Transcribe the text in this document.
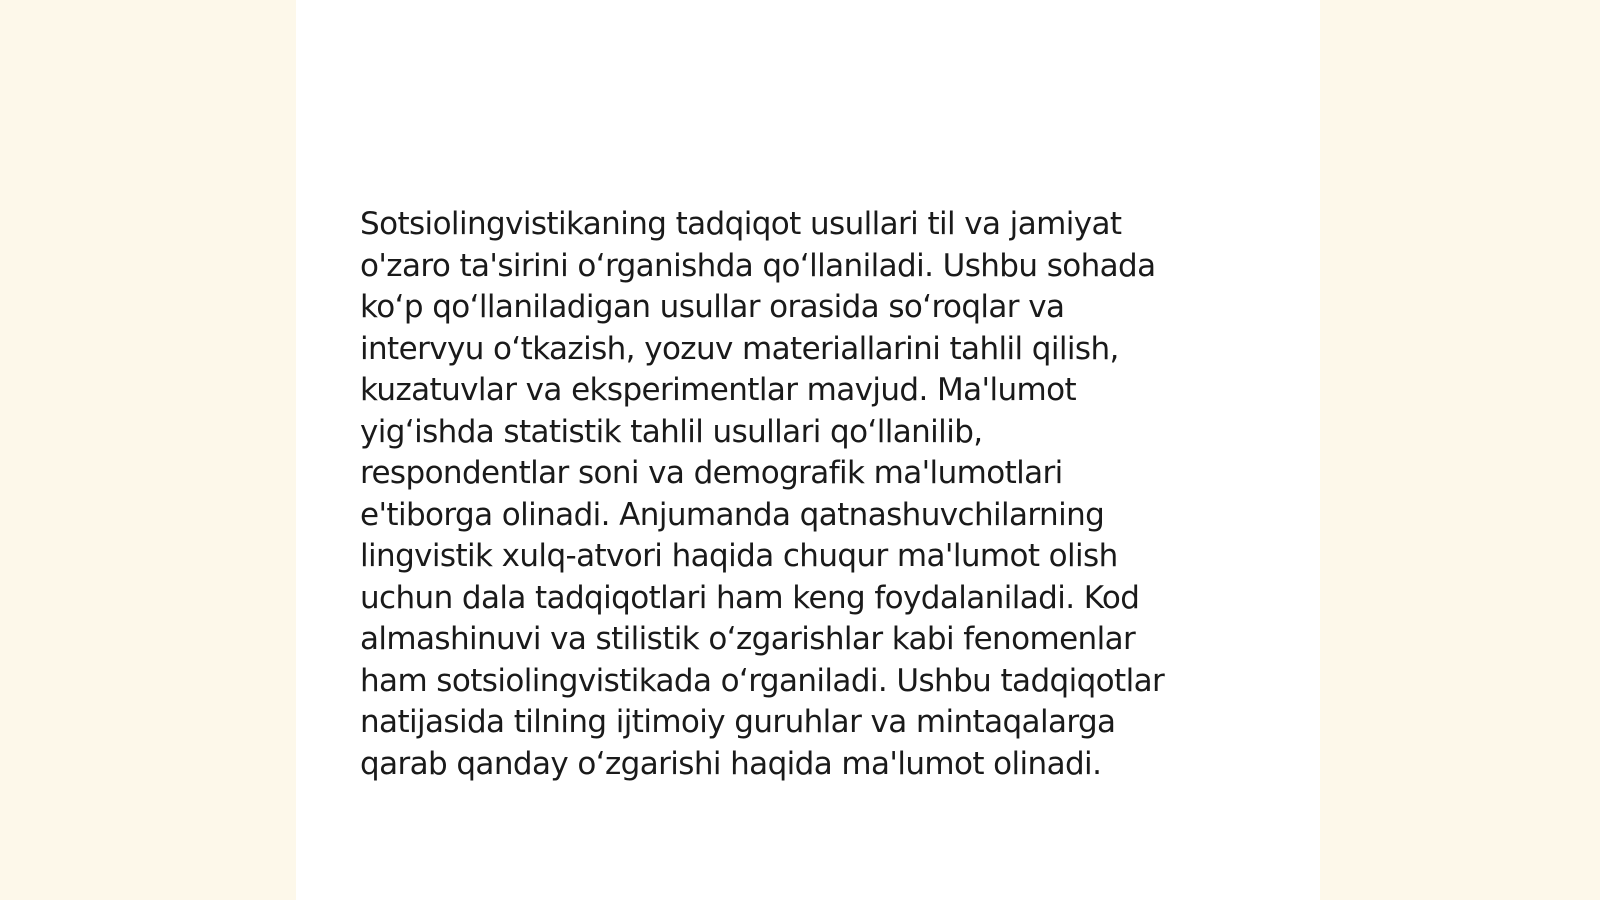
Sotsiolingvistikaning tadqiqot usullari til va jamiyat
o'zaro ta'sirini oʻrganishda qoʻllaniladi. Ushbu sohada
koʻp qoʻllaniladigan usullar orasida soʻroqlar va
intervyu oʻtkazish, yozuv materiallarini tahlil qilish,
kuzatuvlar va eksperimentlar mavjud. Ma'lumot
yigʻishda statistik tahlil usullari qoʻllanilib,
respondentlar soni va demografik ma'lumotlari
e'tiborga olinadi. Anjumanda qatnashuvchilarning
lingvistik xulq-atvori haqida chuqur ma'lumot olish
uchun dala tadqiqotlari ham keng foydalaniladi. Kod
almashinuvi va stilistik oʻzgarishlar kabi fenomenlar
ham sotsiolingvistikada oʻrganiladi. Ushbu tadqiqotlar
natijasida tilning ijtimoiy guruhlar va mintaqalarga
qarab qanday oʻzgarishi haqida ma'lumot olinadi.
